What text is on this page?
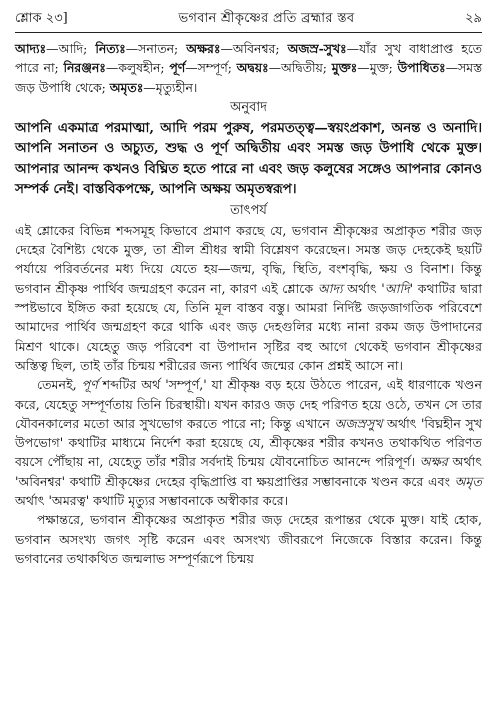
শ্লোক ২৩]	ভগবান শ্রীকৃষ্ণের প্রতি ব্রহ্মার স্তব	২৯

আদ্যঃ—আদি; নিত্যঃ—সনাতন; অক্ষরঃ—অবিনশ্বর; অজস্র-সুখঃ—যাঁর সুখ বাধাপ্রাপ্ত হতে পারে না; নিরঞ্জনঃ—কলুষহীন; পূর্ণ—সম্পূর্ণ; অদ্বয়ঃ—অদ্বিতীয়; মুক্তঃ—মুক্ত; উপাধিতঃ—সমস্ত জড় উপাধি থেকে; অমৃতঃ—মৃত্যুহীন।

অনুবাদ

আপনি একমাত্র পরমাত্মা, আদি পরম পুরুষ, পরমতত্ত্ব—স্বয়ংপ্রকাশ, অনন্ত ও অনাদি। আপনি সনাতন ও অচ্যুত, শুদ্ধ ও পূর্ণ অদ্বিতীয় এবং সমস্ত জড় উপাধি থেকে মুক্ত। আপনার আনন্দ কখনও বিঘ্নিত হতে পারে না এবং জড় কলুষের সঙ্গেও আপনার কোনও সম্পর্ক নেই। বাস্তবিকপক্ষে, আপনি অক্ষয় অমৃতস্বরূপ।

তাৎপর্য

এই শ্লোকের বিভিন্ন শব্দসমূহ কিভাবে প্রমাণ করছে যে, ভগবান শ্রীকৃষ্ণের অপ্রাকৃত শরীর জড় দেহের বৈশিষ্ট্য থেকে মুক্ত, তা শ্রীল শ্রীধর স্বামী বিশ্লেষণ করেছেন। সমস্ত জড় দেহকেই ছয়টি পর্যায়ে পরিবর্তনের মধ্য দিয়ে যেতে হয়—জন্ম, বৃদ্ধি, স্থিতি, বংশবৃদ্ধি, ক্ষয় ও বিনাশ। কিন্তু ভগবান শ্রীকৃষ্ণ পার্থিব জন্মগ্রহণ করেন না, কারণ এই শ্লোকে আদ্য অর্থাৎ 'আদি' কথাটির দ্বারা স্পষ্টভাবে ইঙ্গিত করা হয়েছে যে, তিনি মূল বাস্তব বস্তু। আমরা নির্দিষ্ট জড়জাগতিক পরিবেশে আমাদের পার্থিব জন্মগ্রহণ করে থাকি এবং জড় দেহগুলির মধ্যে নানা রকম জড় উপাদানের মিশ্রণ থাকে। যেহেতু জড় পরিবেশ বা উপাদান সৃষ্টির বহু আগে থেকেই ভগবান শ্রীকৃষ্ণের অস্তিত্ব ছিল, তাই তাঁর চিন্ময় শরীরের জন্য পার্থিব জন্মের কোন প্রশ্নই আসে না।

তেমনই, পূর্ণ শব্দটির অর্থ 'সম্পূর্ণ,' যা শ্রীকৃষ্ণ বড় হয়ে উঠতে পারেন, এই ধারণাকে খণ্ডন করে, যেহেতু সম্পূর্ণতায় তিনি চিরস্থায়ী। যখন কারও জড় দেহ পরিণত হয়ে ওঠে, তখন সে তার যৌবনকালের মতো আর সুখভোগ করতে পারে না; কিন্তু এখানে অজস্রসুখ অর্থাৎ 'বিঘ্নহীন সুখ উপভোগ' কথাটির মাধ্যমে নির্দেশ করা হয়েছে যে, শ্রীকৃষ্ণের শরীর কখনও তথাকথিত পরিণত বয়সে পৌঁছায় না, যেহেতু তাঁর শরীর সর্বদাই চিন্ময় যৌবনোচিত আনন্দে পরিপূর্ণ। অক্ষর অর্থাৎ 'অবিনশ্বর' কথাটি শ্রীকৃষ্ণের দেহের বৃদ্ধিপ্রাপ্তি বা ক্ষয়প্রাপ্তির সম্ভাবনাকে খণ্ডন করে এবং অমৃত অর্থাৎ 'অমরত্ব' কথাটি মৃত্যুর সম্ভাবনাকে অস্বীকার করে।

পক্ষান্তরে, ভগবান শ্রীকৃষ্ণের অপ্রাকৃত শরীর জড় দেহের রূপান্তর থেকে মুক্ত। যাই হোক, ভগবান অসংখ্য জগৎ সৃষ্টি করেন এবং অসংখ্য জীবরূপে নিজেকে বিস্তার করেন। কিন্তু ভগবানের তথাকথিত জন্মলাভ সম্পূর্ণরূপে চিন্ময়
